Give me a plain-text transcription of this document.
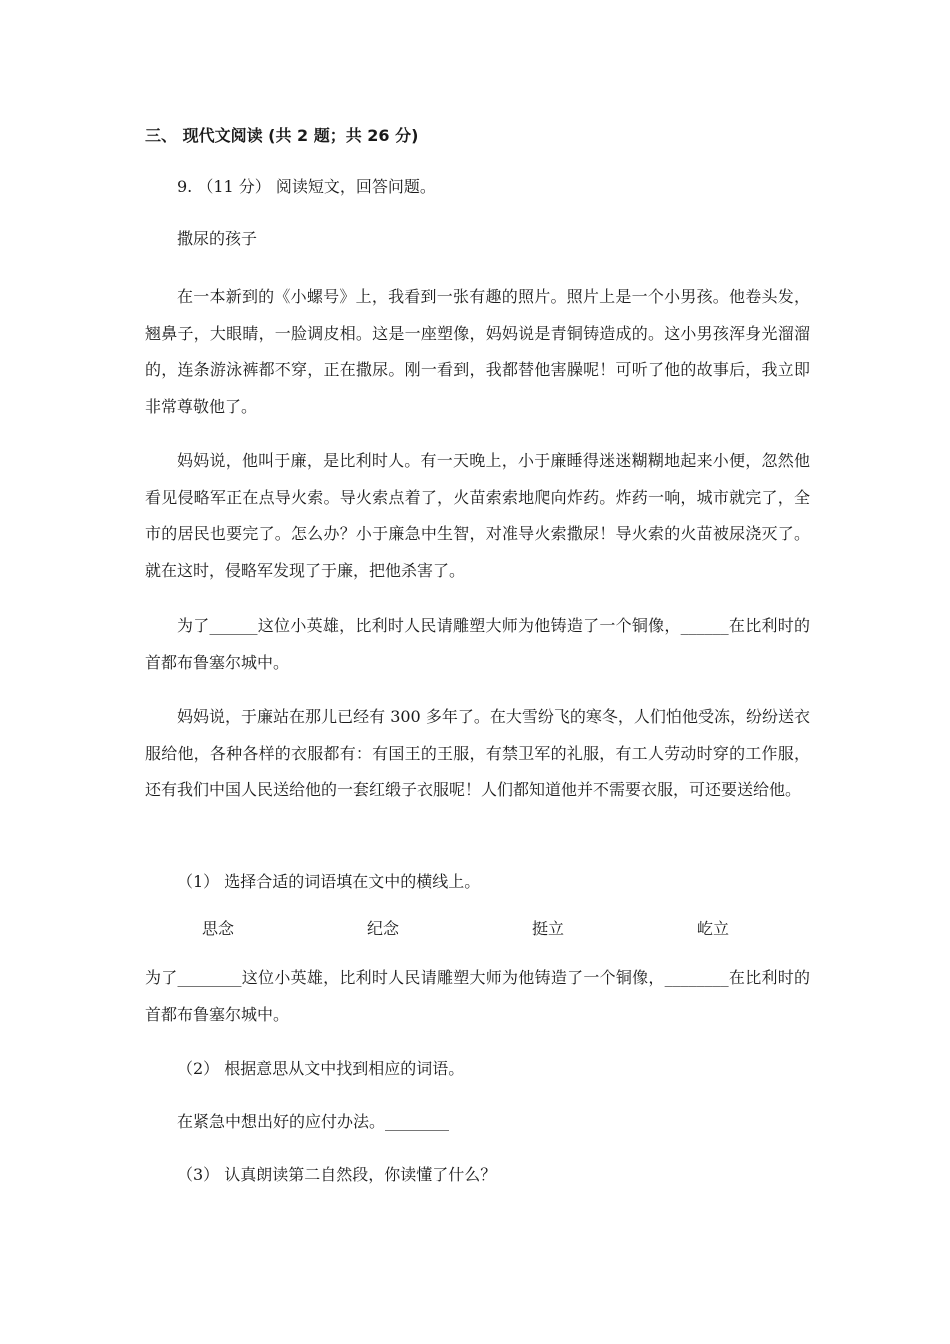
三、 现代文阅读 (共 2 题；共 26 分)
9. （11 分） 阅读短文，回答问题。
撒尿的孩子

在一本新到的《小螺号》上，我看到一张有趣的照片。照片上是一个小男孩。他卷头发，翘鼻子，大眼睛，一脸调皮相。这是一座塑像，妈妈说是青铜铸造成的。这小男孩浑身光溜溜的，连条游泳裤都不穿，正在撒尿。刚一看到，我都替他害臊呢！可听了他的故事后，我立即非常尊敬他了。

妈妈说，他叫于廉，是比利时人。有一天晚上，小于廉睡得迷迷糊糊地起来小便，忽然他看见侵略军正在点导火索。导火索点着了，火苗索索地爬向炸药。炸药一响，城市就完了，全市的居民也要完了。怎么办？小于廉急中生智，对准导火索撒尿！导火索的火苗被尿浇灭了。就在这时，侵略军发现了于廉，把他杀害了。

为了______这位小英雄，比利时人民请雕塑大师为他铸造了一个铜像，______在比利时的首都布鲁塞尔城中。

妈妈说，于廉站在那儿已经有 300 多年了。在大雪纷飞的寒冬，人们怕他受冻，纷纷送衣服给他，各种各样的衣服都有：有国王的王服，有禁卫军的礼服，有工人劳动时穿的工作服，还有我们中国人民送给他的一套红缎子衣服呢！人们都知道他并不需要衣服，可还要送给他。

（1） 选择合适的词语填在文中的横线上。
思念	纪念	挺立	屹立

为了________这位小英雄，比利时人民请雕塑大师为他铸造了一个铜像，________在比利时的首都布鲁塞尔城中。

（2） 根据意思从文中找到相应的词语。
在紧急中想出好的应付办法。________
（3） 认真朗读第二自然段，你读懂了什么？
